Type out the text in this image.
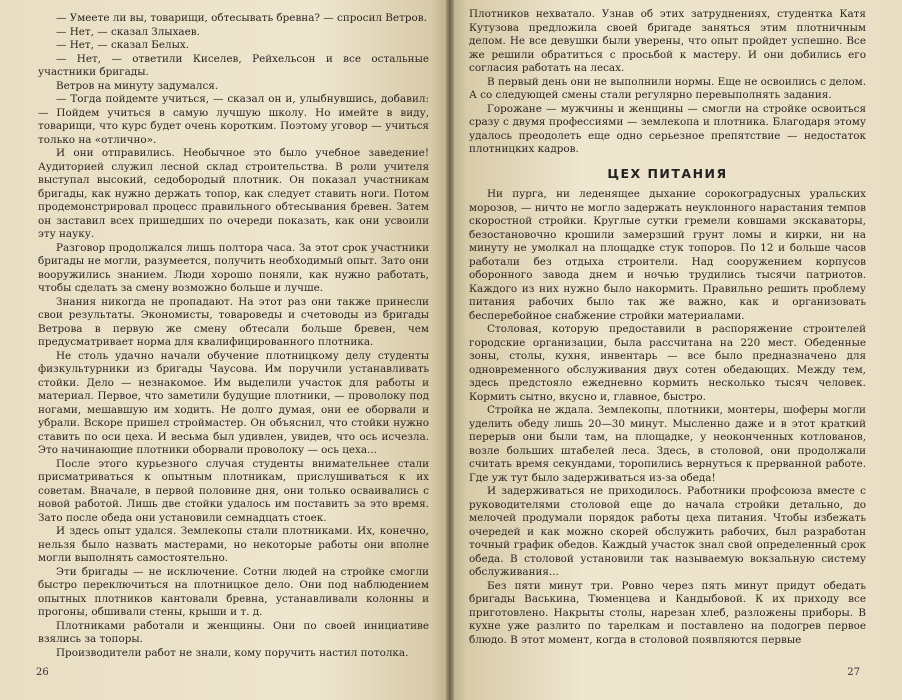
— Умеете ли вы, товарищи, обтесывать бревна? — спросил Ветров.

— Нет, — сказал Злыхаев.

— Нет, — сказал Белых.

— Нет, — ответили Киселев, Рейхельсон и все остальные участники бригады.

Ветров на минуту задумался.

— Тогда пойдемте учиться, — сказал он и, улыбнувшись, добавил: — Пойдем учиться в самую лучшую школу. Но имейте в виду, товарищи, что курс будет очень коротким. Поэтому уговор — учиться только на «отлично».

И они отправились. Необычное это было учебное заведение! Аудиторией служил лесной склад строительства. В роли учителя выступал высокий, седобородый плотник. Он показал участникам бригады, как нужно держать топор, как следует ставить ноги. Потом продемонстрировал процесс правильного обтесывания бревен. Затем он заставил всех пришедших по очереди показать, как они усвоили эту науку.

Разговор продолжался лишь полтора часа. За этот срок участники бригады не могли, разумеется, получить необходимый опыт. Зато они вооружились знанием. Люди хорошо поняли, как нужно работать, чтобы сделать за смену возможно больше и лучше.

Знания никогда не пропадают. На этот раз они также принесли свои результаты. Экономисты, товароведы и счетоводы из бригады Ветрова в первую же смену обтесали больше бревен, чем предусматривает норма для квалифицированного плотника.

Не столь удачно начали обучение плотницкому делу студенты физкультурники из бригады Чаусова. Им поручили устанавливать стойки. Дело — незнакомое. Им выделили участок для работы и материал. Первое, что заметили будущие плотники, — проволоку под ногами, мешавшую им ходить. Не долго думая, они ее оборвали и убрали. Вскоре пришел строймастер. Он объяснил, что стойки нужно ставить по оси цеха. И весьма был удивлен, увидев, что ось исчезла. Это начинающие плотники оборвали проволоку — ось цеха...

После этого курьезного случая студенты внимательнее стали присматриваться к опытным плотникам, прислушиваться к их советам. Вначале, в первой половине дня, они только осваивались с новой работой. Лишь две стойки удалось им поставить за это время. Зато после обеда они установили семнадцать стоек.

И здесь опыт удался. Землекопы стали плотниками. Их, конечно, нельзя было назвать мастерами, но некоторые работы они вполне могли выполнять самостоятельно.

Эти бригады — не исключение. Сотни людей на стройке смогли быстро переключиться на плотницкое дело. Они под наблюдением опытных плотников кантовали бревна, устанавливали колонны и прогоны, обшивали стены, крыши и т. д.

Плотниками работали и женщины. Они по своей инициативе взялись за топоры.

Производители работ не знали, кому поручить настил потолка.

26

Плотников нехватало. Узнав об этих затруднениях, студентка Катя Кутузова предложила своей бригаде заняться этим плотничным делом. Не все девушки были уверены, что опыт пройдет успешно. Все же решили обратиться с просьбой к мастеру. И они добились его согласия работать на лесах.

В первый день они не выполнили нормы. Еще не освоились с делом. А со следующей смены стали регулярно перевыполнять задания.

Горожане — мужчины и женщины — смогли на стройке освоиться сразу с двумя профессиями — землекопа и плотника. Благодаря этому удалось преодолеть еще одно серьезное препятствие — недостаток плотницких кадров.

ЦЕХ ПИТАНИЯ

Ни пурга, ни леденящее дыхание сорокоградусных уральских морозов, — ничто не могло задержать неуклонного нарастания темпов скоростной стройки. Круглые сутки гремели ковшами экскаваторы, безостановочно крошили замерзший грунт ломы и кирки, ни на минуту не умолкал на площадке стук топоров. По 12 и больше часов работали без отдыха строители. Над сооружением корпусов оборонного завода днем и ночью трудились тысячи патриотов. Каждого из них нужно было накормить. Правильно решить проблему питания рабочих было так же важно, как и организовать бесперебойное снабжение стройки материалами.

Столовая, которую предоставили в распоряжение строителей городские организации, была рассчитана на 220 мест. Обеденные зоны, столы, кухня, инвентарь — все было предназначено для одновременного обслуживания двух сотен обедающих. Между тем, здесь предстояло ежедневно кормить несколько тысяч человек. Кормить сытно, вкусно и, главное, быстро.

Стройка не ждала. Землекопы, плотники, монтеры, шоферы могли уделить обеду лишь 20—30 минут. Мысленно даже и в этот краткий перерыв они были там, на площадке, у неоконченных котлованов, возле больших штабелей леса. Здесь, в столовой, они продолжали считать время секундами, торопились вернуться к прерванной работе. Где уж тут было задерживаться из-за обеда!

И задерживаться не приходилось. Работники профсоюза вместе с руководителями столовой еще до начала стройки детально, до мелочей продумали порядок работы цеха питания. Чтобы избежать очередей и как можно скорей обслужить рабочих, был разработан точный график обедов. Каждый участок знал свой определенный срок обеда. В столовой установили так называемую вокзальную систему обслуживания...

Без пяти минут три. Ровно через пять минут придут обедать бригады Васькина, Тюменцева и Кандыбовой. К их приходу все приготовлено. Накрыты столы, нарезан хлеб, разложены приборы. В кухне уже разлито по тарелкам и поставлено на подогрев первое блюдо. В этот момент, когда в столовой появляются первые

27
